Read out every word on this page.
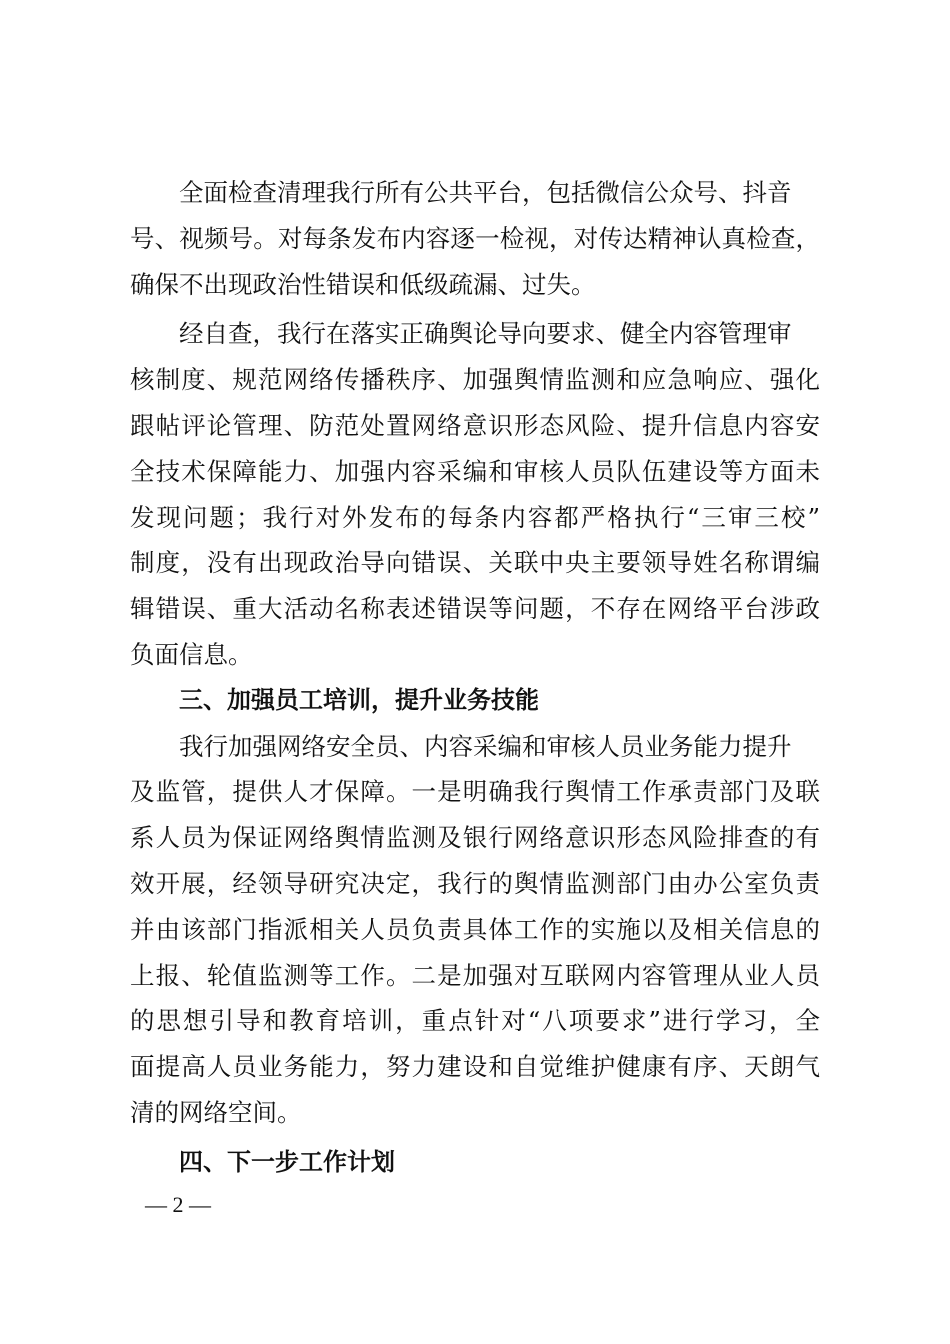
全面检查清理我行所有公共平台，包括微信公众号、抖音
号、视频号。对每条发布内容逐一检视，对传达精神认真检查，
确保不出现政治性错误和低级疏漏、过失。
经自查，我行在落实正确舆论导向要求、健全内容管理审
核制度、规范网络传播秩序、加强舆情监测和应急响应、强化
跟帖评论管理、防范处置网络意识形态风险、提升信息内容安
全技术保障能力、加强内容采编和审核人员队伍建设等方面未
发现问题；我行对外发布的每条内容都严格执行“三审三校”
制度，没有出现政治导向错误、关联中央主要领导姓名称谓编
辑错误、重大活动名称表述错误等问题，不存在网络平台涉政
负面信息。
三、加强员工培训，提升业务技能
我行加强网络安全员、内容采编和审核人员业务能力提升
及监管，提供人才保障。一是明确我行舆情工作承责部门及联
系人员为保证网络舆情监测及银行网络意识形态风险排查的有
效开展，经领导研究决定，我行的舆情监测部门由办公室负责
并由该部门指派相关人员负责具体工作的实施以及相关信息的
上报、轮值监测等工作。二是加强对互联网内容管理从业人员
的思想引导和教育培训，重点针对“八项要求”进行学习，全
面提高人员业务能力，努力建设和自觉维护健康有序、天朗气
清的网络空间。
四、下一步工作计划
— 2 —
